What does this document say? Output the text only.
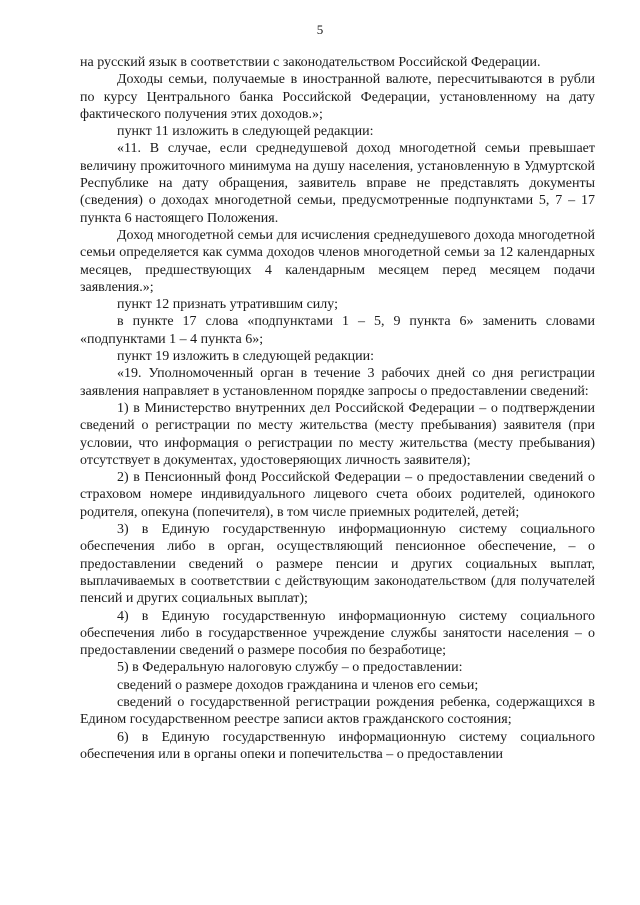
5

на русский язык в соответствии с законодательством Российской Федерации.

Доходы семьи, получаемые в иностранной валюте, пересчитываются в рубли по курсу Центрального банка Российской Федерации, установленному на дату фактического получения этих доходов.»;

пункт 11 изложить в следующей редакции:

«11. В случае, если среднедушевой доход многодетной семьи превышает величину прожиточного минимума на душу населения, установленную в Удмуртской Республике на дату обращения, заявитель вправе не представлять документы (сведения) о доходах многодетной семьи, предусмотренные подпунктами 5, 7 – 17 пункта 6 настоящего Положения.

Доход многодетной семьи для исчисления среднедушевого дохода многодетной семьи определяется как сумма доходов членов многодетной семьи за 12 календарных месяцев, предшествующих 4 календарным месяцем перед месяцем подачи заявления.»;

пункт 12 признать утратившим силу;

в пункте 17 слова «подпунктами 1 – 5, 9 пункта 6» заменить словами «подпунктами 1 – 4 пункта 6»;

пункт 19 изложить в следующей редакции:

«19. Уполномоченный орган в течение 3 рабочих дней со дня регистрации заявления направляет в установленном порядке запросы о предоставлении сведений:

1) в Министерство внутренних дел Российской Федерации – о подтверждении сведений о регистрации по месту жительства (месту пребывания) заявителя (при условии, что информация о регистрации по месту жительства (месту пребывания) отсутствует в документах, удостоверяющих личность заявителя);

2) в Пенсионный фонд Российской Федерации – о предоставлении сведений о страховом номере индивидуального лицевого счета обоих родителей, одинокого родителя, опекуна (попечителя), в том числе приемных родителей, детей;

3) в Единую государственную информационную систему социального обеспечения либо в орган, осуществляющий пенсионное обеспечение, – о предоставлении сведений о размере пенсии и других социальных выплат, выплачиваемых в соответствии с действующим законодательством (для получателей пенсий и других социальных выплат);

4) в Единую государственную информационную систему социального обеспечения либо в государственное учреждение службы занятости населения – о предоставлении сведений о размере пособия по безработице;

5) в Федеральную налоговую службу – о предоставлении:

сведений о размере доходов гражданина и членов его семьи;

сведений о государственной регистрации рождения ребенка, содержащихся в Едином государственном реестре записи актов гражданского состояния;

6) в Единую государственную информационную систему социального обеспечения или в органы опеки и попечительства – о предоставлении
